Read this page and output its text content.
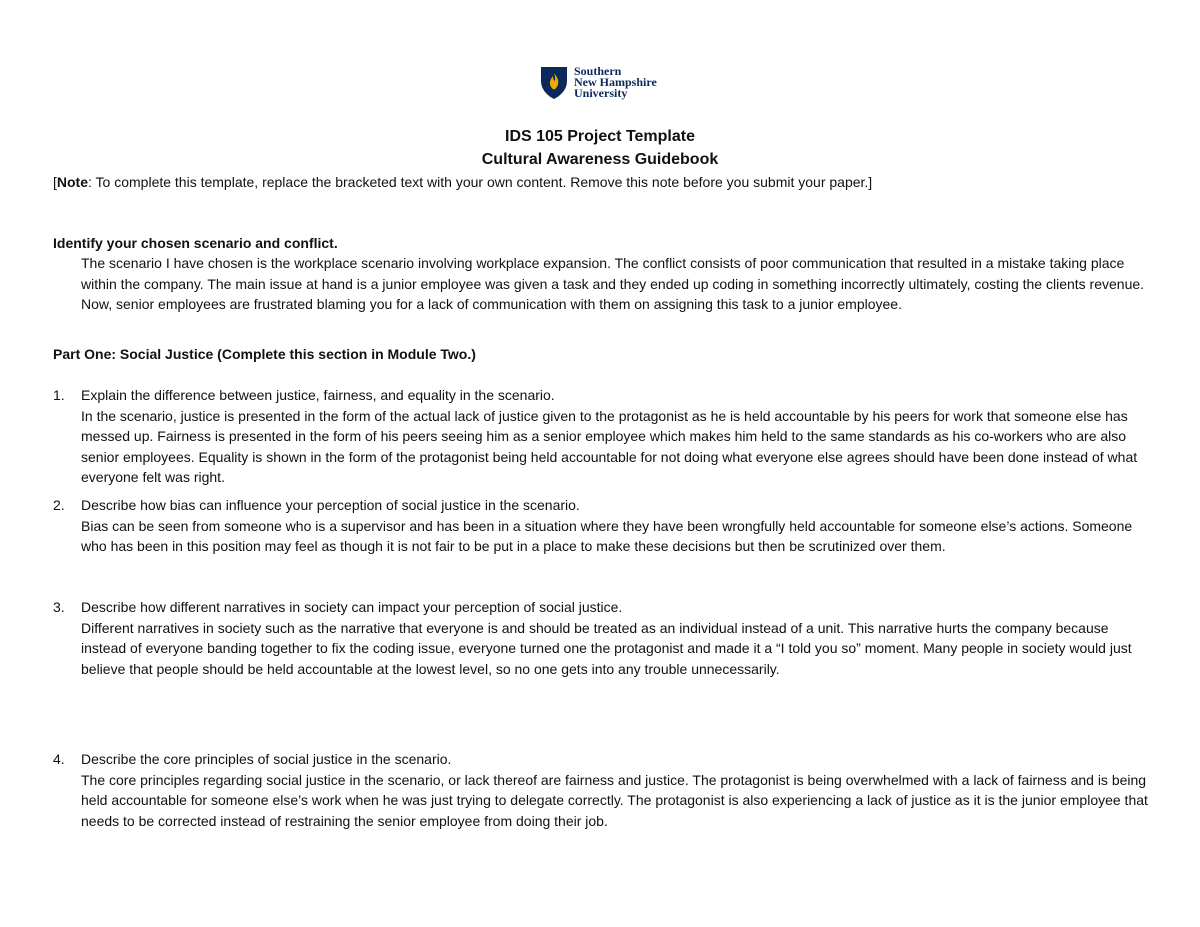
Southern
New Hampshire
University
IDS 105 Project Template
Cultural Awareness Guidebook
[Note: To complete this template, replace the bracketed text with your own content. Remove this note before you submit your paper.]
Identify your chosen scenario and conflict.

The scenario I have chosen is the workplace scenario involving workplace expansion. The conflict consists of poor communication that resulted in a mistake taking place within the company. The main issue at hand is a junior employee was given a task and they ended up coding in something incorrectly ultimately, costing the clients revenue. Now, senior employees are frustrated blaming you for a lack of communication with them on assigning this task to a junior employee.

Part One: Social Justice (Complete this section in Module Two.)
1. Explain the difference between justice, fairness, and equality in the scenario.
In the scenario, justice is presented in the form of the actual lack of justice given to the protagonist as he is held accountable by his peers for work that someone else has messed up. Fairness is presented in the form of his peers seeing him as a senior employee which makes him held to the same standards as his co-workers who are also senior employees. Equality is shown in the form of the protagonist being held accountable for not doing what everyone else agrees should have been done instead of what everyone felt was right.
2. Describe how bias can influence your perception of social justice in the scenario.
Bias can be seen from someone who is a supervisor and has been in a situation where they have been wrongfully held accountable for someone else’s actions. Someone who has been in this position may feel as though it is not fair to be put in a place to make these decisions but then be scrutinized over them.
3. Describe how different narratives in society can impact your perception of social justice.
Different narratives in society such as the narrative that everyone is and should be treated as an individual instead of a unit. This narrative hurts the company because instead of everyone banding together to fix the coding issue, everyone turned one the protagonist and made it a “I told you so” moment. Many people in society would just believe that people should be held accountable at the lowest level, so no one gets into any trouble unnecessarily.
4. Describe the core principles of social justice in the scenario.
The core principles regarding social justice in the scenario, or lack thereof are fairness and justice. The protagonist is being overwhelmed with a lack of fairness and is being held accountable for someone else’s work when he was just trying to delegate correctly. The protagonist is also experiencing a lack of justice as it is the junior employee that needs to be corrected instead of restraining the senior employee from doing their job.
